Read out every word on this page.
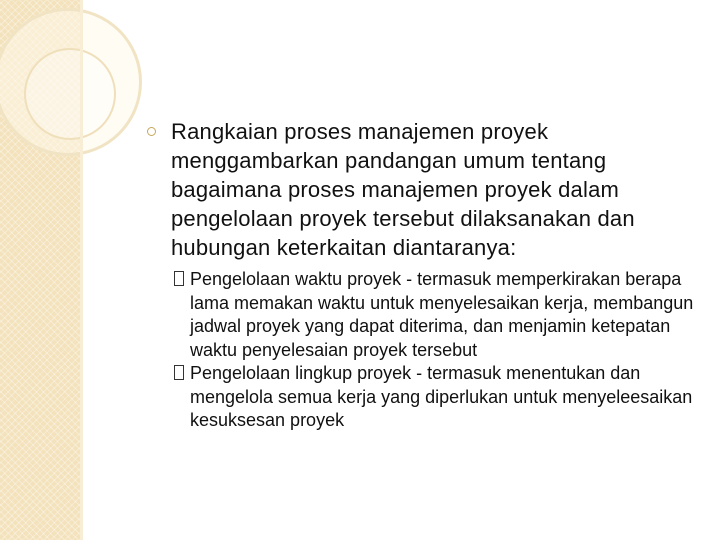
Rangkaian proses manajemen proyek menggambarkan pandangan umum tentang bagaimana proses manajemen proyek dalam pengelolaan proyek tersebut dilaksanakan dan hubungan keterkaitan diantaranya:
Pengelolaan waktu proyek - termasuk memperkirakan berapa lama memakan waktu untuk menyelesaikan kerja, membangun jadwal proyek yang dapat diterima, dan menjamin ketepatan waktu penyelesaian proyek tersebut
Pengelolaan lingkup proyek - termasuk menentukan dan mengelola semua kerja yang diperlukan untuk menyeleesaikan kesuksesan proyek
